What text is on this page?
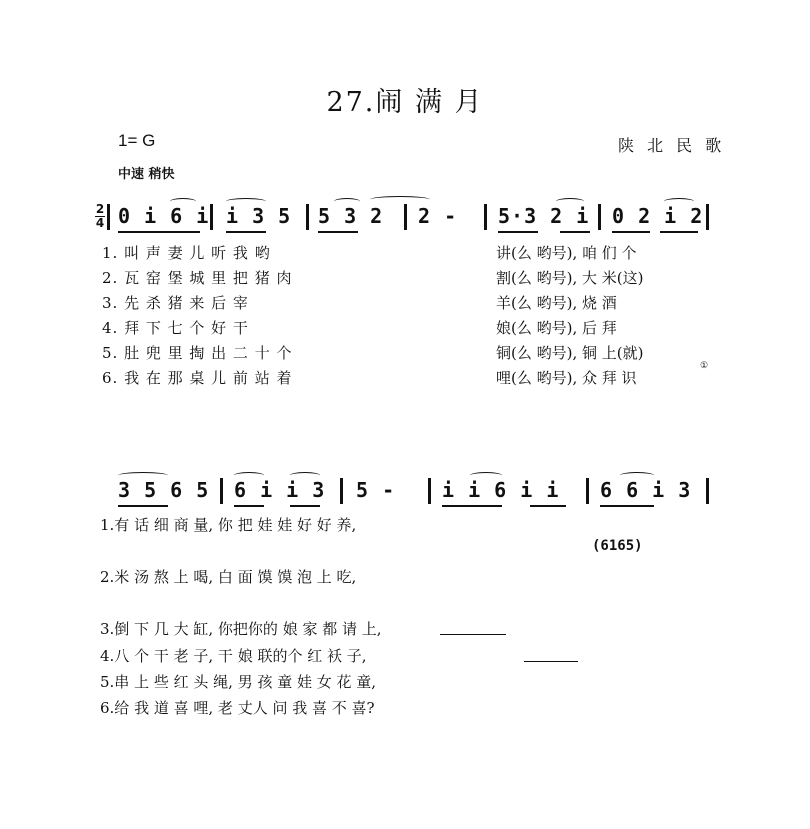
27.闹 满 月
1= G	陕 北 民 歌
中速 稍快
2
4 0 i 6 i i 3 5 5 3 2 2 - 5·3 2 i 0 2 i 2
1. 叫 声 妻 儿 听 我 哟
2. 瓦 窑 堡 城 里 把 猪 肉
3. 先 杀 猪 来 后 宰
4. 拜 下 七 个 好 干
5. 肚 兜 里 掏 出 二 十 个
6. 我 在 那 桌 儿 前 站 着
讲(么 哟号), 咱 们 个
割(么 哟号), 大 米(这)
羊(么 哟号), 烧 酒
娘(么 哟号), 后 拜
铜(么 哟号), 铜 上(就)
哩(么 哟号), 众 拜 识
①
3 5 6 5 6 i i 3 5 - i i 6 i i 6 6 i 3
1.有 话 细 商 量, 你 把 娃 娃 好 好 养,
(6165)
2.米 汤 熬 上 喝, 白 面 馍 馍 泡 上 吃,
3.倒 下 几 大 缸, 你把你的 娘 家 都 请 上,
4.八 个 干 老 子, 干 娘 联的个 红 袄 子,
5.串 上 些 红 头 绳, 男 孩 童 娃 女 花 童,
6.给 我 道 喜 哩, 老 丈人 问 我 喜 不 喜?
